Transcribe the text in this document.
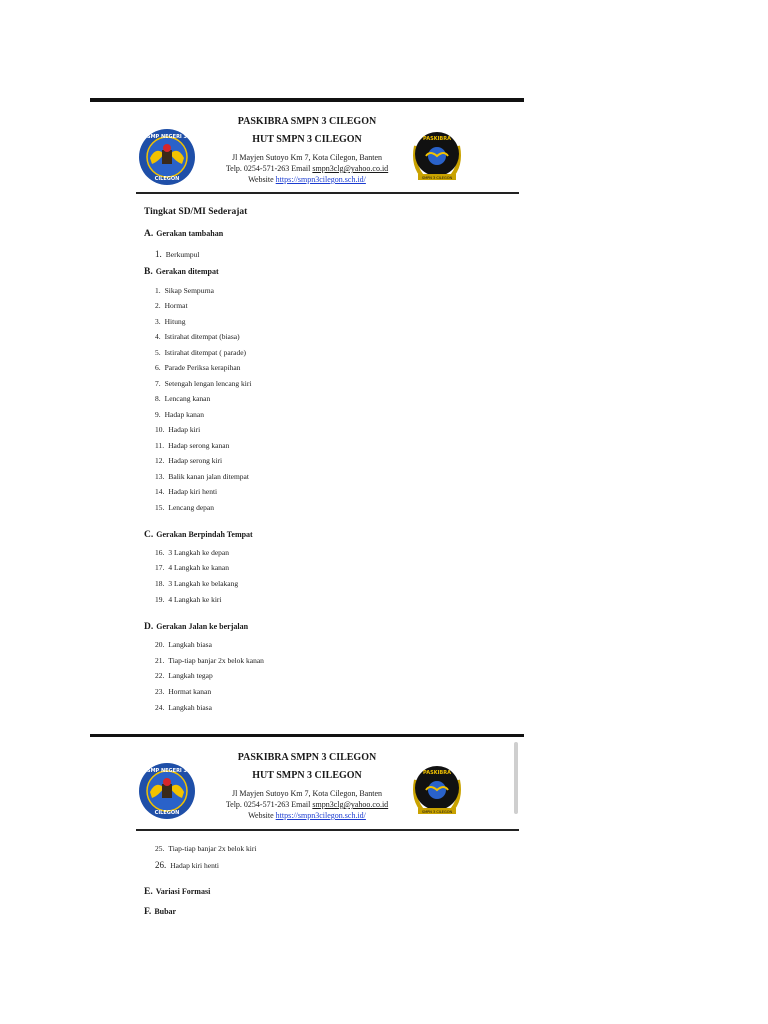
SMP NEGERI 3
CILEGON
PASKIBRA
SMPN 3 CILEGON
PASKIBRA SMPN 3 CILEGON
HUT SMPN 3 CILEGON
Jl Mayjen Sutoyo Km 7, Kota Cilegon, Banten
Telp. 0254-571-263 Email smpn3clg@yahoo.co.id
Website https://smpn3cilegon.sch.id/
Tingkat SD/MI Sederajat
A. Gerakan tambahan
1. Berkumpul
B. Gerakan ditempat
1. Sikap Sempurna
2. Hormat
3. Hitung
4. Istirahat ditempat (biasa)
5. Istirahat ditempat ( parade)
6. Parade Periksa kerapihan
7. Setengah lengan lencang kiri
8. Lencang kanan
9. Hadap kanan
10. Hadap kiri
11. Hadap serong kanan
12. Hadap serong kiri
13. Balik kanan jalan ditempat
14. Hadap kiri henti
15. Lencang depan
C. Gerakan Berpindah Tempat
16. 3 Langkah ke depan
17. 4 Langkah ke kanan
18. 3 Langkah ke belakang
19. 4 Langkah ke kiri
D. Gerakan Jalan ke berjalan
20. Langkah biasa
21. Tiap-tiap banjar 2x belok kanan
22. Langkah tegap
23. Hormat kanan
24. Langkah biasa
SMP NEGERI 3
CILEGON
PASKIBRA
SMPN 3 CILEGON
PASKIBRA SMPN 3 CILEGON
HUT SMPN 3 CILEGON
Jl Mayjen Sutoyo Km 7, Kota Cilegon, Banten
Telp. 0254-571-263 Email smpn3clg@yahoo.co.id
Website https://smpn3cilegon.sch.id/
25. Tiap-tiap banjar 2x belok kiri
26. Hadap kiri henti
E. Variasi Formasi
F. Bubar
